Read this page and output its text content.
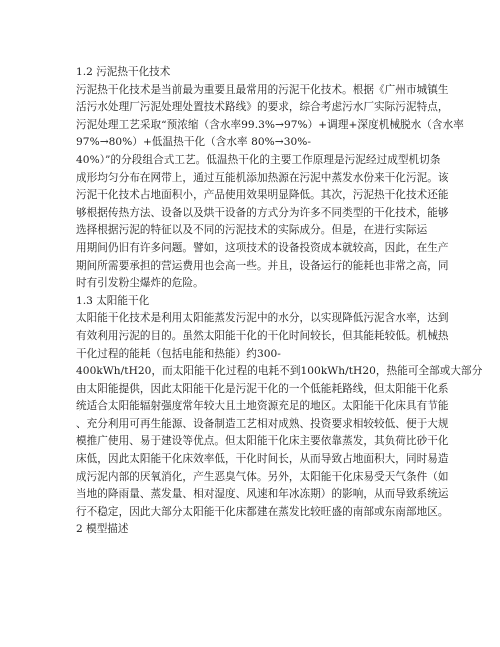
1.2 污泥热干化技术
污泥热干化技术是当前最为重要且最常用的污泥干化技术。根据《广州市城镇生
活污水处理厂污泥处理处置技术路线》的要求，综合考虑污水厂实际污泥特点，
污泥处理工艺采取“预浓缩（含水率99.3%→97%）+调理+深度机械脱水（含水率
97%→80%）+低温热干化（含水率 80%→30%-
40%）”的分段组合式工艺。低温热干化的主要工作原理是污泥经过成型机切条
成形均匀分布在网带上，通过互能机添加热源在污泥中蒸发水份来干化污泥。该
污泥干化技术占地面积小，产品使用效果明显降低。其次，污泥热干化技术还能
够根据传热方法、设备以及烘干设备的方式分为许多不同类型的干化技术，能够
选择根据污泥的特征以及不同的污泥技术的实际成分。但是，在进行实际运
用期间仍旧有许多问题。譬如，这项技术的设备投资成本就较高，因此，在生产
期间所需要承担的营运费用也会高一些。并且，设备运行的能耗也非常之高，同
时有引发粉尘爆炸的危险。
1.3 太阳能干化
太阳能干化技术是利用太阳能蒸发污泥中的水分，以实现降低污泥含水率，达到
有效利用污泥的目的。虽然太阳能干化的干化时间较长，但其能耗较低。机械热
干化过程的能耗（包括电能和热能）约300-
400kWh/tH20，而太阳能干化过程的电耗不到100kWh/tH20，热能可全部或大部分
由太阳能提供，因此太阳能干化是污泥干化的一个低能耗路线，但太阳能干化系
统适合太阳能辐射强度常年较大且土地资源充足的地区。太阳能干化床具有节能
、充分利用可再生能源、设备制造工艺相对成熟、投资要求相较较低、便于大规
模推广使用、易于建设等优点。但太阳能干化床主要依靠蒸发，其负荷比砂干化
床低，因此太阳能干化床效率低，干化时间长，从而导致占地面积大，同时易造
成污泥内部的厌氧消化，产生恶臭气体。另外，太阳能干化床易受天气条件（如
当地的降雨量、蒸发量、相对湿度、风速和年冰冻期）的影响，从而导致系统运
行不稳定，因此大部分太阳能干化床都建在蒸发比较旺盛的南部或东南部地区。
2 模型描述
